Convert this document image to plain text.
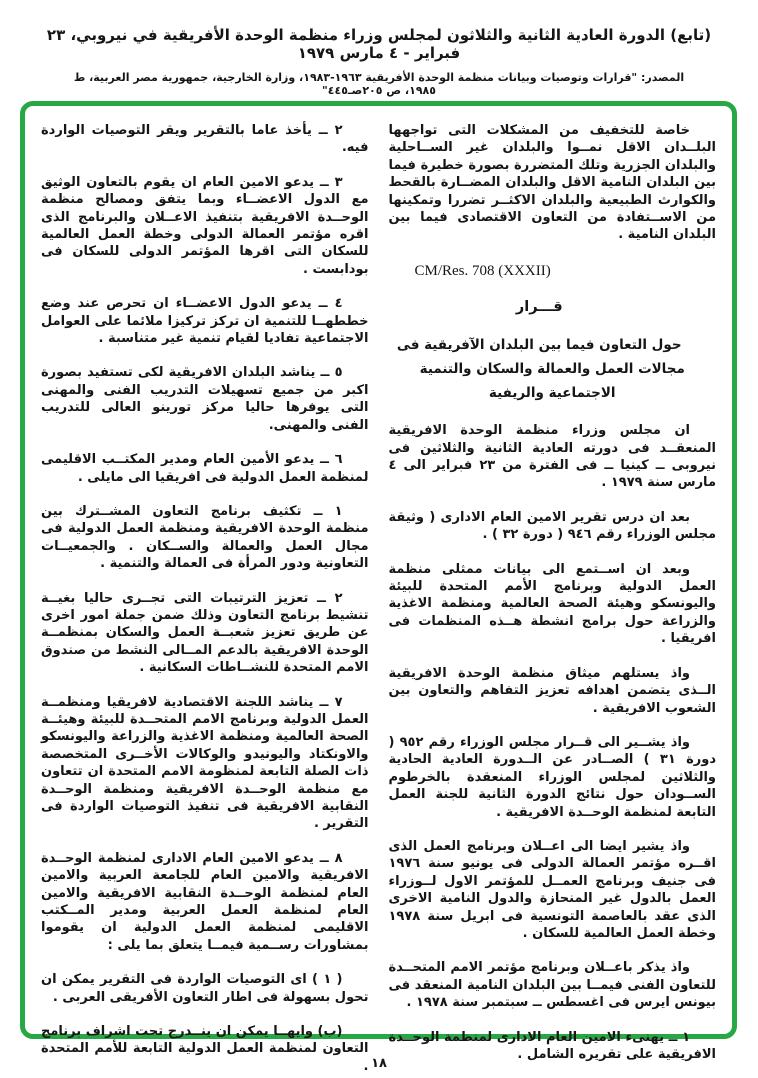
(تابع) الدورة العادية الثانية والثلاثون لمجلس وزراء منظمة الوحدة الأفريقية في نيروبي، ٢٣ فبراير - ٤ مارس ١٩٧٩
المصدر: "قرارات وتوصيات وبيانات منظمة الوحدة الأفريقية ١٩٦٣-١٩٨٣، وزارة الخارجية، جمهورية مصر العربية، ط ١٩٨٥، ص ٢٠٥صـ٤٤٥"

خاصة للتخفيف من المشكلات التى تواجهها البلــدان الاقل نمــوا والبلدان غير الســاحلية والبلدان الجزرية وتلك المتضررة بصورة خطيرة فيما بين البلدان النامية الاقل والبلدان المضــارة بالقحط والكوارث الطبيعية والبلدان الاكثــر تضررا وتمكينها من الاســتفادة من التعاون الاقتصادى فيما بين البلدان النامية .

CM/Res. 708 (XXXII)

قـــرار

حول التعاون فيما بين البلدان الآفريقية فى مجالات العمل والعمالة والسكان والتنمية الاجتماعية والريفية

ان مجلس وزراء منظمة الوحدة الافريقية المنعقــد فى دورته العادية الثانية والثلاثين فى نيروبى ــ كينيا ــ فى الفترة من ٢٣ فبراير الى ٤ مارس سنة ١٩٧٩ .

بعد ان درس تقرير الامين العام الادارى ( وثيقة مجلس الوزراء رقم ٩٤٦ ( دورة ٣٢ ) .

وبعد ان اســتمع الى بيانات ممثلى منظمة العمل الدولية وبرنامج الأمم المتحدة للبيئة واليونسكو وهيئة الصحة العالمية ومنظمة الاغذية والزراعة حول برامج انشطة هــذه المنظمات فى افريقيا .

واذ يستلهم ميثاق منظمة الوحدة الافريقية الــذى يتضمن اهدافه تعزيز التفاهم والتعاون بين الشعوب الافريقية .

واذ يشــير الى قــرار مجلس الوزراء رقم ٩٥٢ ( دورة ٣١ ) الصــادر عن الــدورة العادية الحادية والثلاثين لمجلس الوزراء المنعقدة بالخرطوم الســودان حول نتائج الدورة الثانية للجنة العمل التابعة لمنظمة الوحــدة الافريقية .

واذ يشير ايضا الى اعــلان وبرنامج العمل الذى اقــره مؤتمر العمالة الدولى فى يونيو سنة ١٩٧٦ فى جنيف وبرنامج العمــل للمؤتمر الاول لــوزراء العمل بالدول غير المنحازة والدول النامية الاخرى الذى عقد بالعاصمة التونسية فى ابريل سنة ١٩٧٨ وخطة العمل العالمية للسكان .

واذ يذكر باعــلان وبرنامج مؤتمر الامم المتحــدة للتعاون الفنى فيمــا بين البلدان النامية المنعقد فى بيونس ايرس فى اغسطس ــ سبتمبر سنة ١٩٧٨ .

١ ــ يهنىء الامين العام الادارى لمنظمة الوحــدة الافريقية على تقريره الشامل .

٢ ــ يأخذ عاما بالتقرير ويقر التوصيات الواردة فيه.

٣ ــ يدعو الامين العام ان يقوم بالتعاون الوثيق مع الدول الاعضــاء وبما يتفق ومصالح منظمة الوحــدة الافريقية بتنفيذ الاعــلان والبرنامج الذى اقره مؤتمر العمالة الدولى وخطة العمل العالمية للسكان التى اقرها المؤتمر الدولى للسكان فى بودابست .

٤ ــ يدعو الدول الاعضــاء ان تحرص عند وضع خططهــا للتنمية ان تركز تركيزا ملائما على العوامل الاجتماعية تفاديا لقيام تنمية غير متناسبة .

٥ ــ يناشد البلدان الافريقية لكى تستفيد بصورة اكبر من جميع تسهيلات التدريب الفنى والمهنى التى يوفرها حاليا مركز تورينو العالى للتدريب الفنى والمهنى.

٦ ــ يدعو الأمين العام ومدير المكتــب الاقليمى لمنظمة العمل الدولية فى افريقيا الى مايلى .

١ ــ تكثيف برنامج التعاون المشــترك بين منظمة الوحدة الافريقية ومنظمة العمل الدولية فى مجال العمل والعمالة والســكان . والجمعيــات التعاونية ودور المرأة فى العمالة والتنمية .

٢ ــ تعزيز الترتيبات التى تجــرى حاليا بغيــة تنشيط برنامج التعاون وذلك ضمن جملة امور اخرى عن طريق تعزيز شعبــة العمل والسكان بمنظمــة الوحدة الافريقية بالدعم المــالى النشط من صندوق الامم المتحدة للنشــاطات السكانية .

٧ ــ يناشد اللجنة الاقتصادية لافريقيا ومنظمــة العمل الدولية وبرنامج الامم المتحــدة للبيئة وهيئــة الصحة العالمية ومنظمة الاغذية والزراعة واليونسكو والاونكتاد واليونيدو والوكالات الأخــرى المتخصصة ذات الصلة التابعة لمنظومة الامم المتحدة ان تتعاون مع منظمة الوحــدة الافريقية ومنظمة الوحــدة النقابية الافريقية فى تنفيذ التوصيات الواردة فى التقرير .

٨ ــ يدعو الامين العام الادارى لمنظمة الوحــدة الافريقية والامين العام للجامعة العربية والامين العام لمنظمة الوحــدة النقابية الافريقية والامين العام لمنظمة العمل العربية ومدير المــكتب الاقليمى لمنظمة العمل الدولية ان يقوموا بمشاورات رســمية فيمــا يتعلق بما يلى :

( ١ ) اى التوصيات الواردة فى التقرير يمكن ان تحول بسهولة فى اطار التعاون الأفريقى العربى .

(ب) وايهــا يمكن ان ينــدرج تحت اشراف برنامج التعاون لمنظمة العمل الدولية التابعة للأمم المتحدة . ١٨
